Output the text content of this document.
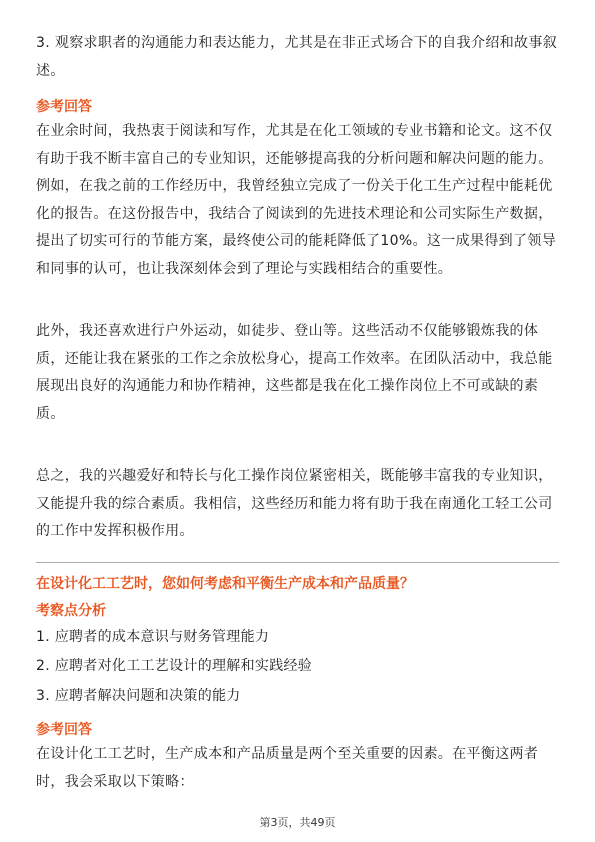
3. 观察求职者的沟通能力和表达能力，尤其是在非正式场合下的自我介绍和故事叙述。

参考回答

在业余时间，我热衷于阅读和写作，尤其是在化工领域的专业书籍和论文。这不仅有助于我不断丰富自己的专业知识，还能够提高我的分析问题和解决问题的能力。例如，在我之前的工作经历中，我曾经独立完成了一份关于化工生产过程中能耗优化的报告。在这份报告中，我结合了阅读到的先进技术理论和公司实际生产数据，提出了切实可行的节能方案，最终使公司的能耗降低了10%。这一成果得到了领导和同事的认可，也让我深刻体会到了理论与实践相结合的重要性。

此外，我还喜欢进行户外运动，如徒步、登山等。这些活动不仅能够锻炼我的体质，还能让我在紧张的工作之余放松身心，提高工作效率。在团队活动中，我总能展现出良好的沟通能力和协作精神，这些都是我在化工操作岗位上不可或缺的素质。

总之，我的兴趣爱好和特长与化工操作岗位紧密相关，既能够丰富我的专业知识，又能提升我的综合素质。我相信，这些经历和能力将有助于我在南通化工轻工公司的工作中发挥积极作用。

在设计化工工艺时，您如何考虑和平衡生产成本和产品质量？

考察点分析

1. 应聘者的成本意识与财务管理能力

2. 应聘者对化工工艺设计的理解和实践经验

3. 应聘者解决问题和决策的能力

参考回答

在设计化工工艺时，生产成本和产品质量是两个至关重要的因素。在平衡这两者时，我会采取以下策略：

第3页，共49页
